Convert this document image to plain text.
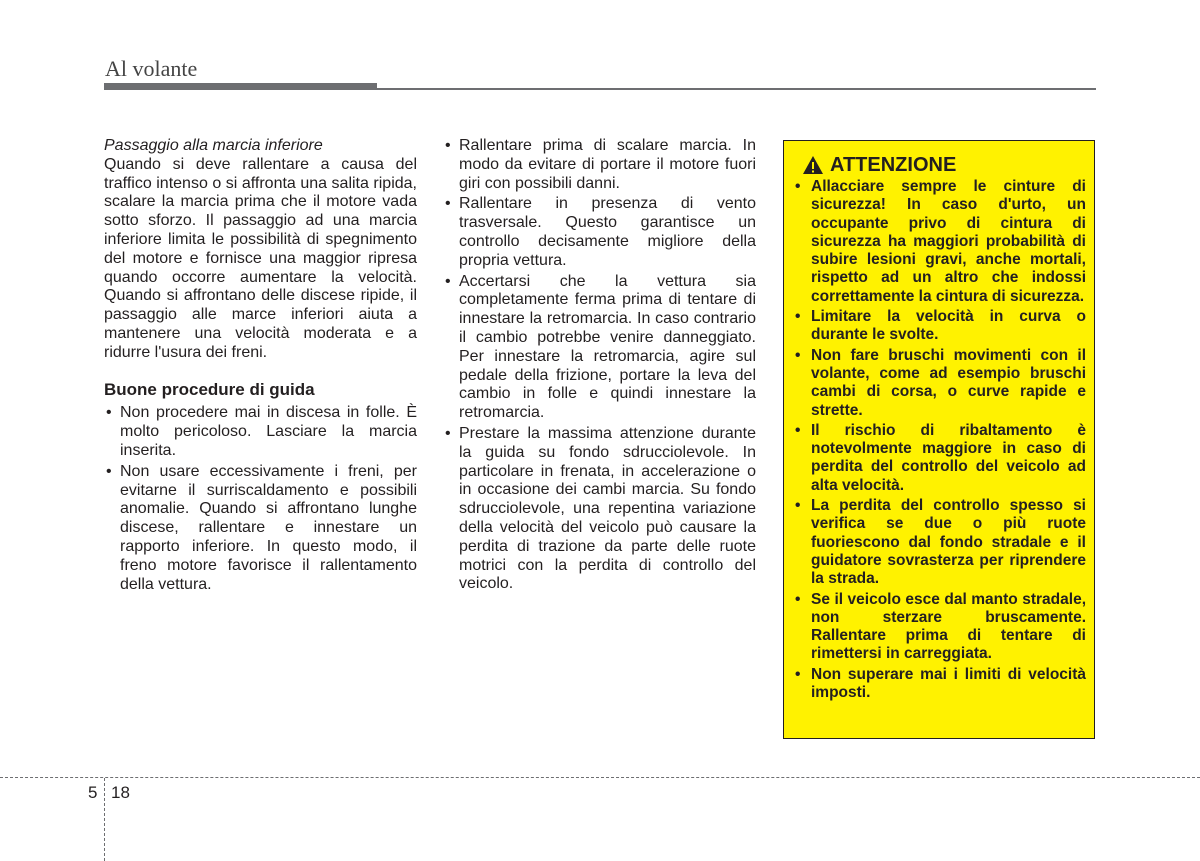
Al volante

Passaggio alla marcia inferiore

Quando si deve rallentare a causa del traffico intenso o si affronta una salita ripida, scalare la marcia prima che il motore vada sotto sforzo. Il passaggio ad una marcia inferiore limita le possibilità di spegnimento del motore e fornisce una maggior ripresa quando occorre aumentare la velocità. Quando si affrontano delle discese ripide, il passaggio alle marce inferiori aiuta a mantenere una velocità moderata e a ridurre l'usura dei freni.

Buone procedure di guida
• Non procedere mai in discesa in folle. È molto pericoloso. Lasciare la marcia inserita.
• Non usare eccessivamente i freni, per evitarne il surriscaldamento e possibili anomalie. Quando si affrontano lunghe discese, rallentare e innestare un rapporto inferiore. In questo modo, il freno motore favorisce il rallentamento della vettura.
• Rallentare prima di scalare marcia. In modo da evitare di portare il motore fuori giri con possibili danni.
• Rallentare in presenza di vento trasversale. Questo garantisce un controllo decisamente migliore della propria vettura.
• Accertarsi che la vettura sia completamente ferma prima di tentare di innestare la retromarcia. In caso contrario il cambio potrebbe venire danneggiato. Per innestare la retromarcia, agire sul pedale della frizione, portare la leva del cambio in folle e quindi innestare la retromarcia.
• Prestare la massima attenzione durante la guida su fondo sdrucciolevole. In particolare in frenata, in accelerazione o in occasione dei cambi marcia. Su fondo sdrucciolevole, una repentina variazione della velocità del veicolo può causare la perdita di trazione da parte delle ruote motrici con la perdita di controllo del veicolo.
ATTENZIONE
• Allacciare sempre le cinture di sicurezza! In caso d'urto, un occupante privo di cintura di sicurezza ha maggiori probabilità di subire lesioni gravi, anche mortali, rispetto ad un altro che indossi correttamente la cintura di sicurezza.
• Limitare la velocità in curva o durante le svolte.
• Non fare bruschi movimenti con il volante, come ad esempio bruschi cambi di corsa, o curve rapide e strette.
• Il rischio di ribaltamento è notevolmente maggiore in caso di perdita del controllo del veicolo ad alta velocità.
• La perdita del controllo spesso si verifica se due o più ruote fuoriescono dal fondo stradale e il guidatore sovrasterza per riprendere la strada.
• Se il veicolo esce dal manto stradale, non sterzare bruscamente. Rallentare prima di tentare di rimettersi in carreggiata.
• Non superare mai i limiti di velocità imposti.
5 18
